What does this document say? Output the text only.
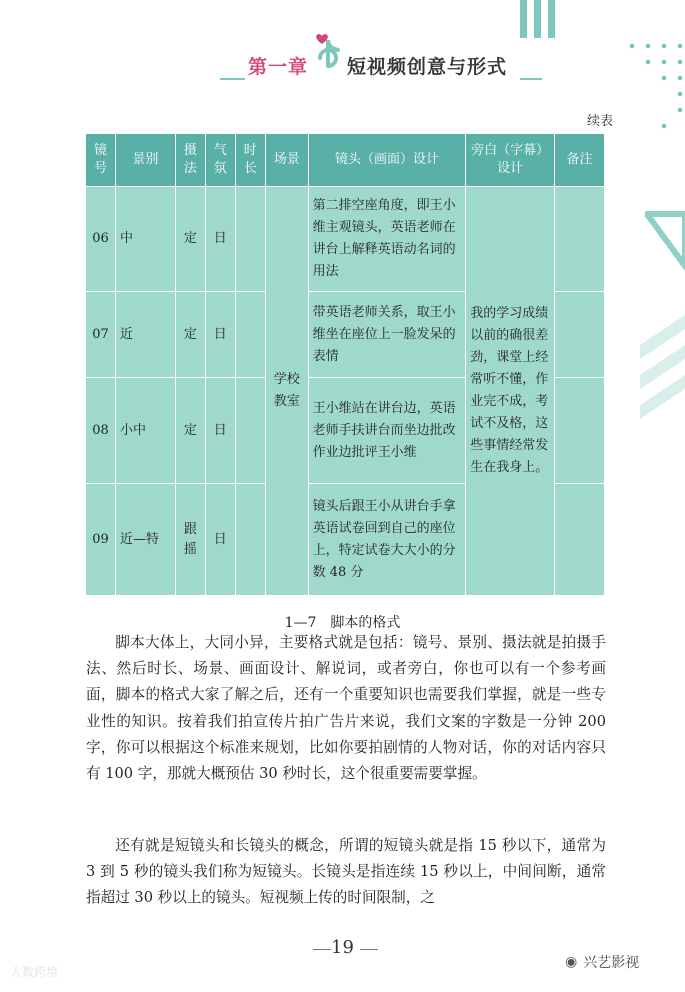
第一章 短视频创意与形式
续表
镜号	景别	摄法	气氛	时长	场景	镜头（画面）设计	旁白（字幕）设计	备注
06	中	定	日		学校教室	第二排空座角度，即王小维主观镜头，英语老师在讲台上解释英语动名词的用法	我的学习成绩以前的确很差劲，课堂上经常听不懂，作业完不成，考试不及格，这些事情经常发生在我身上。	
07	近	定	日			带英语老师关系，取王小维坐在座位上一脸发呆的表情		
08	小中	定	日			王小维站在讲台边，英语老师手扶讲台而坐边批改作业边批评王小维		
09	近—特	跟摇	日			镜头后跟王小从讲台手拿英语试卷回到自己的座位上，特定试卷大大小的分数 48 分		
1—7　脚本的格式

脚本大体上，大同小异，主要格式就是包括：镜号、景别、摄法就是拍摄手法、然后时长、场景、画面设计、解说词，或者旁白，你也可以有一个参考画面，脚本的格式大家了解之后，还有一个重要知识也需要我们掌握，就是一些专业性的知识。按着我们拍宣传片拍广告片来说，我们文案的字数是一分钟 200 字，你可以根据这个标准来规划，比如你要拍剧情的人物对话，你的对话内容只有 100 字，那就大概预估 30 秒时长，这个很重要需要掌握。

还有就是短镜头和长镜头的概念，所谓的短镜头就是指 15 秒以下，通常为 3 到 5 秒的镜头我们称为短镜头。长镜头是指连续 15 秒以上，中间间断，通常指超过 30 秒以上的镜头。短视频上传的时间限制，之

19
大数跨境
◉ 兴艺影视
